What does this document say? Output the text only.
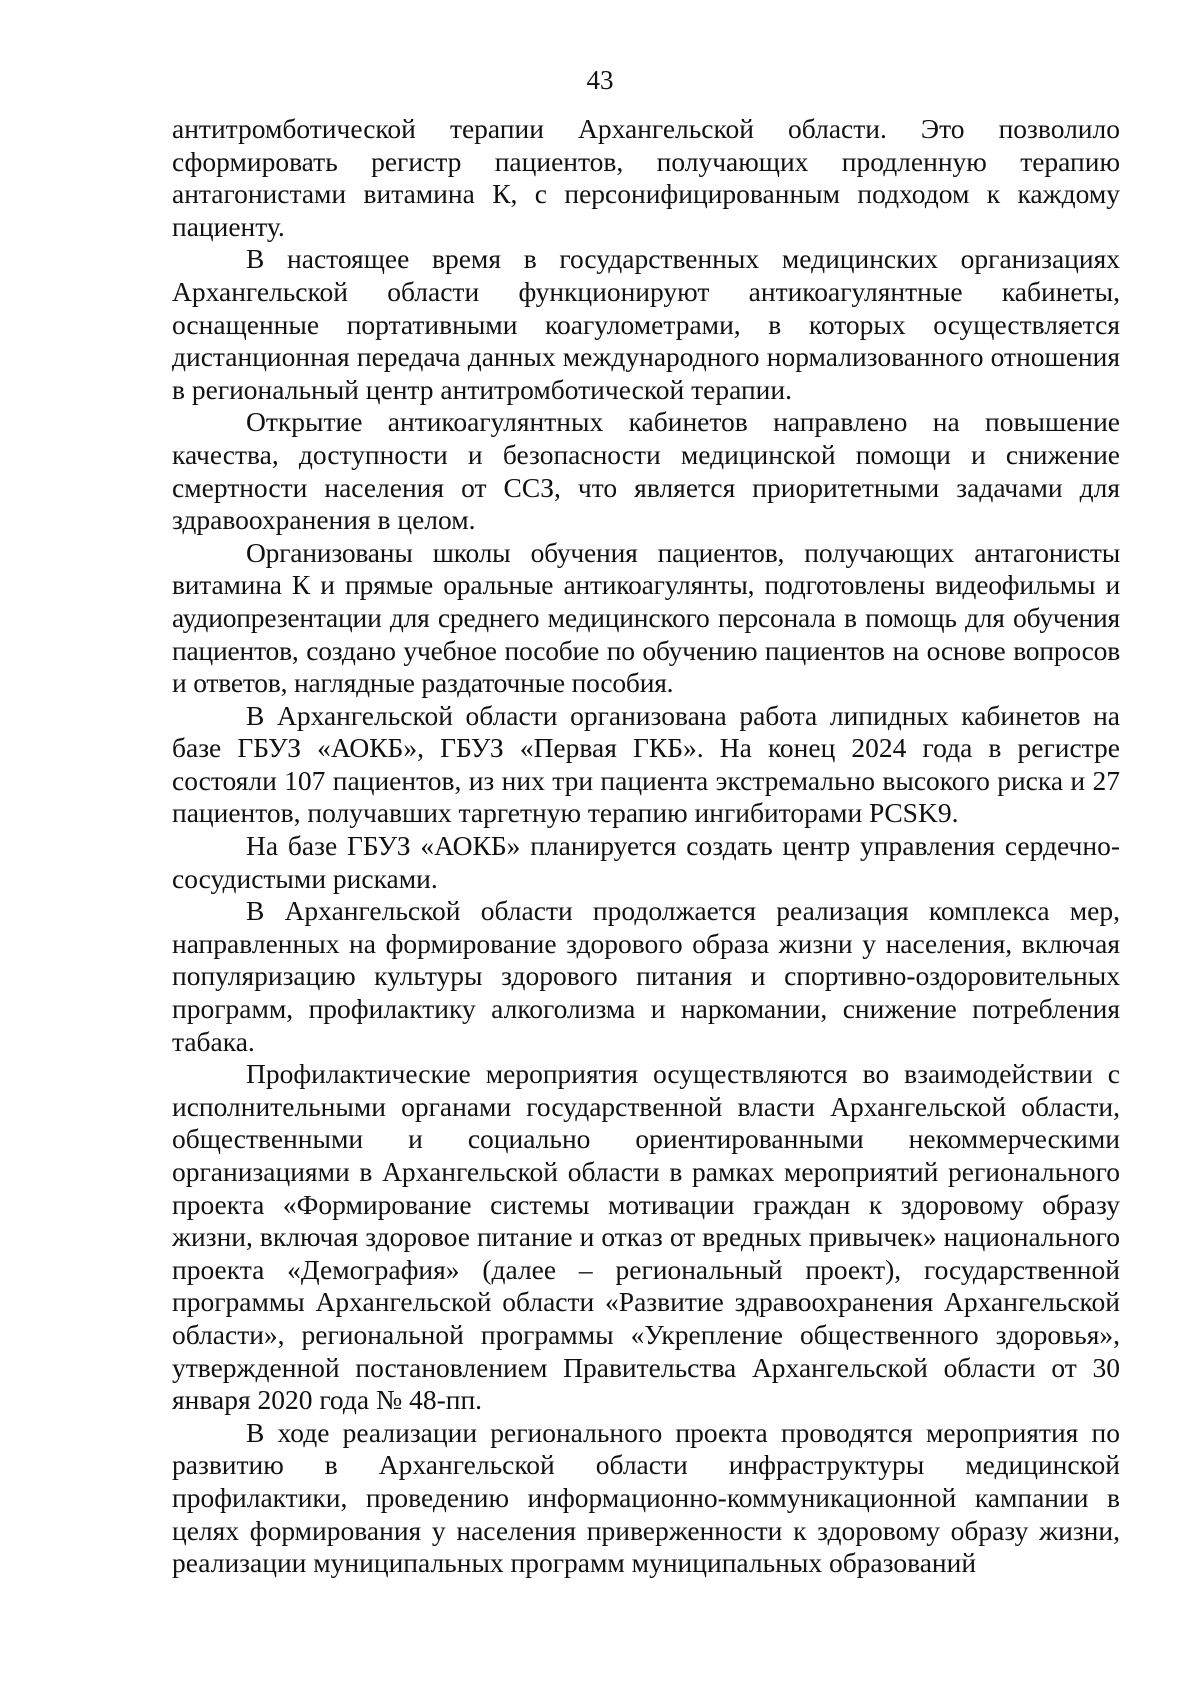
43

антитромботической терапии Архангельской области. Это позволило сформировать регистр пациентов, получающих продленную терапию антагонистами витамина К, с персонифицированным подходом к каждому пациенту.

В настоящее время в государственных медицинских организациях Архангельской области функционируют антикоагулянтные кабинеты, оснащенные портативными коагулометрами, в которых осуществляется дистанционная передача данных международного нормализованного отношения в региональный центр антитромботической терапии.

Открытие антикоагулянтных кабинетов направлено на повышение качества, доступности и безопасности медицинской помощи и снижение смертности населения от ССЗ, что является приоритетными задачами для здравоохранения в целом.

Организованы школы обучения пациентов, получающих антагонисты витамина К и прямые оральные антикоагулянты, подготовлены видеофильмы и аудиопрезентации для среднего медицинского персонала в помощь для обучения пациентов, создано учебное пособие по обучению пациентов на основе вопросов и ответов, наглядные раздаточные пособия.

В Архангельской области организована работа липидных кабинетов на базе ГБУЗ «АОКБ», ГБУЗ «Первая ГКБ». На конец 2024 года в регистре состояли 107 пациентов, из них три пациента экстремально высокого риска и 27 пациентов, получавших таргетную терапию ингибиторами PCSK9.

На базе ГБУЗ «АОКБ» планируется создать центр управления сердечно-сосудистыми рисками.

В Архангельской области продолжается реализация комплекса мер, направленных на формирование здорового образа жизни у населения, включая популяризацию культуры здорового питания и спортивно-оздоровительных программ, профилактику алкоголизма и наркомании, снижение потребления табака.

Профилактические мероприятия осуществляются во взаимодействии с исполнительными органами государственной власти Архангельской области, общественными и социально ориентированными некоммерческими организациями в Архангельской области в рамках мероприятий регионального проекта «Формирование системы мотивации граждан к здоровому образу жизни, включая здоровое питание и отказ от вредных привычек» национального проекта «Демография» (далее – региональный проект), государственной программы Архангельской области «Развитие здравоохранения Архангельской области», региональной программы «Укрепление общественного здоровья», утвержденной постановлением Правительства Архангельской области от 30 января 2020 года № 48-пп.

В ходе реализации регионального проекта проводятся мероприятия по развитию в Архангельской области инфраструктуры медицинской профилактики, проведению информационно-коммуникационной кампании в целях формирования у населения приверженности к здоровому образу жизни, реализации муниципальных программ муниципальных образований
